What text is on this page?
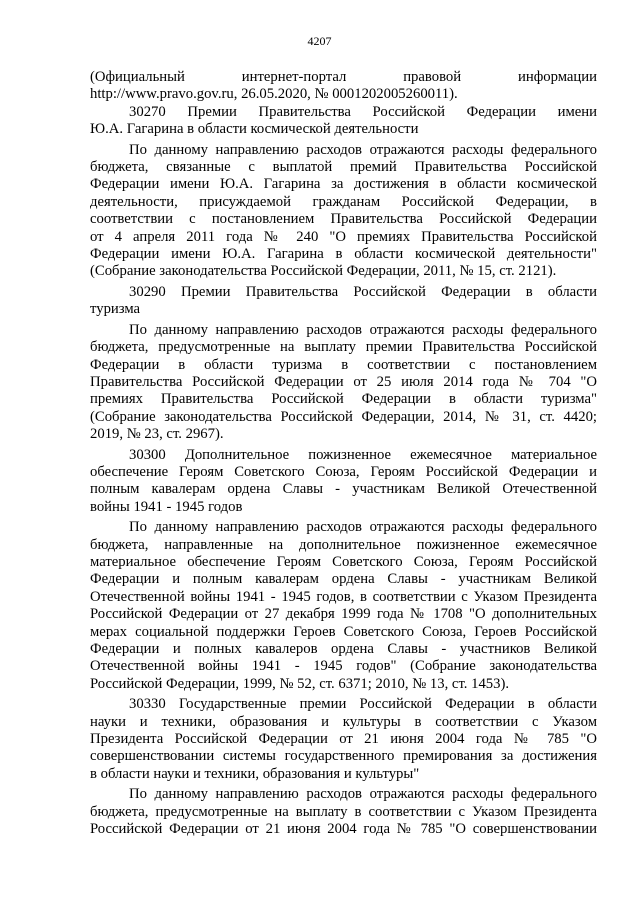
4207
(Официальный интернет-портал правовой информации
http://www.pravo.gov.ru, 26.05.2020, № 0001202005260011).
30270 Премии Правительства Российской Федерации имени
Ю.А. Гагарина в области космической деятельности
По данному направлению расходов отражаются расходы федерального
бюджета, связанные с выплатой премий Правительства Российской
Федерации имени Ю.А. Гагарина за достижения в области космической
деятельности, присуждаемой гражданам Российской Федерации, в
соответствии с постановлением Правительства Российской Федерации
от 4 апреля 2011 года № 240 "О премиях Правительства Российской
Федерации имени Ю.А. Гагарина в области космической деятельности"
(Собрание законодательства Российской Федерации, 2011, № 15, ст. 2121).
30290 Премии Правительства Российской Федерации в области
туризма
По данному направлению расходов отражаются расходы федерального
бюджета, предусмотренные на выплату премии Правительства Российской
Федерации в области туризма в соответствии с постановлением
Правительства Российской Федерации от 25 июля 2014 года № 704 "О
премиях Правительства Российской Федерации в области туризма"
(Собрание законодательства Российской Федерации, 2014, № 31, ст. 4420;
2019, № 23, ст. 2967).
30300 Дополнительное пожизненное ежемесячное материальное
обеспечение Героям Советского Союза, Героям Российской Федерации и
полным кавалерам ордена Славы - участникам Великой Отечественной
войны 1941 - 1945 годов
По данному направлению расходов отражаются расходы федерального
бюджета, направленные на дополнительное пожизненное ежемесячное
материальное обеспечение Героям Советского Союза, Героям Российской
Федерации и полным кавалерам ордена Славы - участникам Великой
Отечественной войны 1941 - 1945 годов, в соответствии с Указом Президента
Российской Федерации от 27 декабря 1999 года № 1708 "О дополнительных
мерах социальной поддержки Героев Советского Союза, Героев Российской
Федерации и полных кавалеров ордена Славы - участников Великой
Отечественной войны 1941 - 1945 годов" (Собрание законодательства
Российской Федерации, 1999, № 52, ст. 6371; 2010, № 13, ст. 1453).
30330 Государственные премии Российской Федерации в области
науки и техники, образования и культуры в соответствии с Указом
Президента Российской Федерации от 21 июня 2004 года № 785 "О
совершенствовании системы государственного премирования за достижения
в области науки и техники, образования и культуры"
По данному направлению расходов отражаются расходы федерального
бюджета, предусмотренные на выплату в соответствии с Указом Президента
Российской Федерации от 21 июня 2004 года № 785 "О совершенствовании
